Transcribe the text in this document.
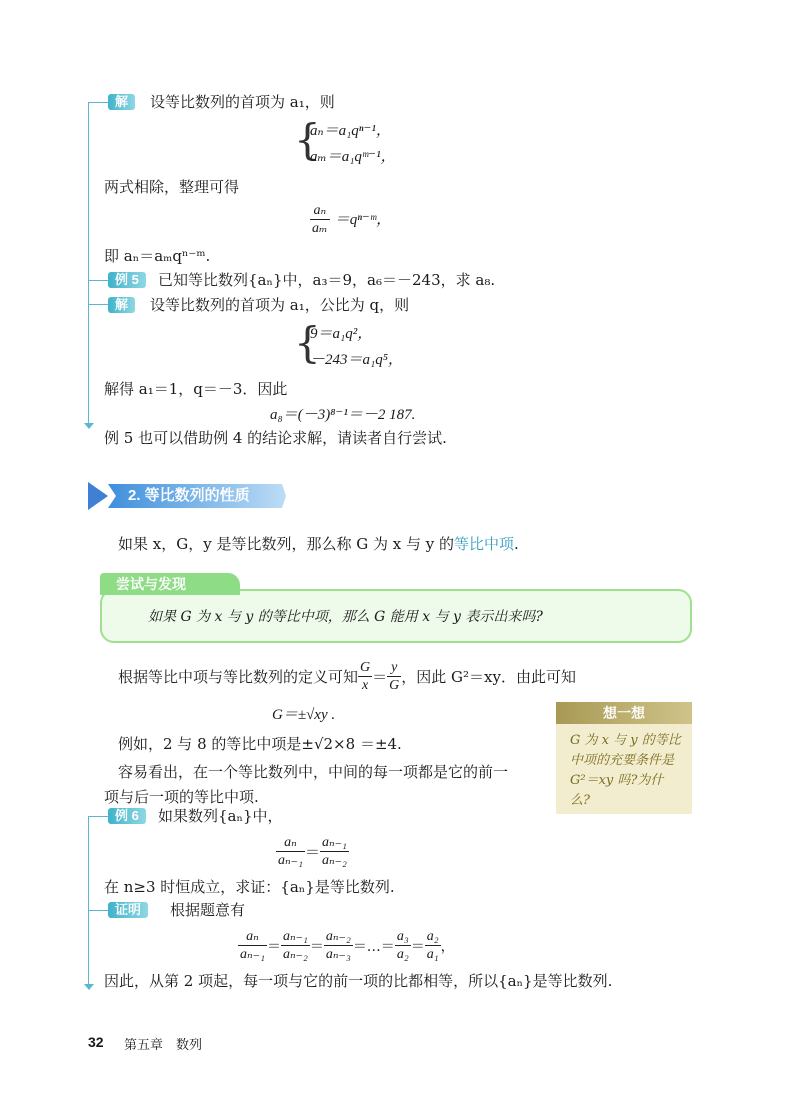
解	设等比数列的首项为 a₁，则
{
aₙ＝a₁qⁿ⁻¹，
aₘ＝a₁qᵐ⁻¹，
两式相除，整理可得
$\frac{\text{aₙ}}{\text{aₘ}}$ ＝qⁿ⁻ᵐ，
即 aₙ＝aₘqⁿ⁻ᵐ.
例 5	已知等比数列{aₙ}中，a₃＝9，a₆＝－243，求 a₈.
解	设等比数列的首项为 a₁，公比为 q，则
{
9＝a₁q²，
－243＝a₁q⁵，
解得 a₁＝1，q＝－3．因此
a₈＝(－3)⁸⁻¹＝－2 187.
例 5 也可以借助例 4 的结论求解，请读者自行尝试.
2. 等比数列的性质
如果 x，G，y 是等比数列，那么称 G 为 x 与 y 的等比中项.
尝试与发现
如果 G 为 x 与 y 的等比中项，那么 G 能用 x 与 y 表示出来吗?
根据等比中项与等比数列的定义可知 $\frac{G}{x} = \frac{y}{G}$ ，因此 G²＝xy．由此可知
G＝±√xy .
例如，2 与 8 的等比中项是±√2×8 ＝±4.
容易看出，在一个等比数列中，中间的每一项都是它的前一
项与后一项的等比中项.
想一想
G 为 x 与 y 的等比中项的充要条件是 G²＝xy 吗?为什么?
例 6	如果数列{aₙ}中，
$\frac{\text{aₙ}}{\text{aₙ₋₁}} = \frac{\text{aₙ₋₁}}{\text{aₙ₋₂}}$
在 n≥3 时恒成立，求证：{aₙ}是等比数列.
证明	根据题意有
$\frac{\text{aₙ}}{\text{aₙ₋₁}} = \frac{\text{aₙ₋₁}}{\text{aₙ₋₂}} = \frac{\text{aₙ₋₂}}{\text{aₙ₋₃}}$ ＝…＝ $\frac{\text{a₃}}{\text{a₂}} = \frac{\text{a₂}}{\text{a₁}}$ ，
因此，从第 2 项起，每一项与它的前一项的比都相等，所以{aₙ}是等比数列.
32 第五章　数列
